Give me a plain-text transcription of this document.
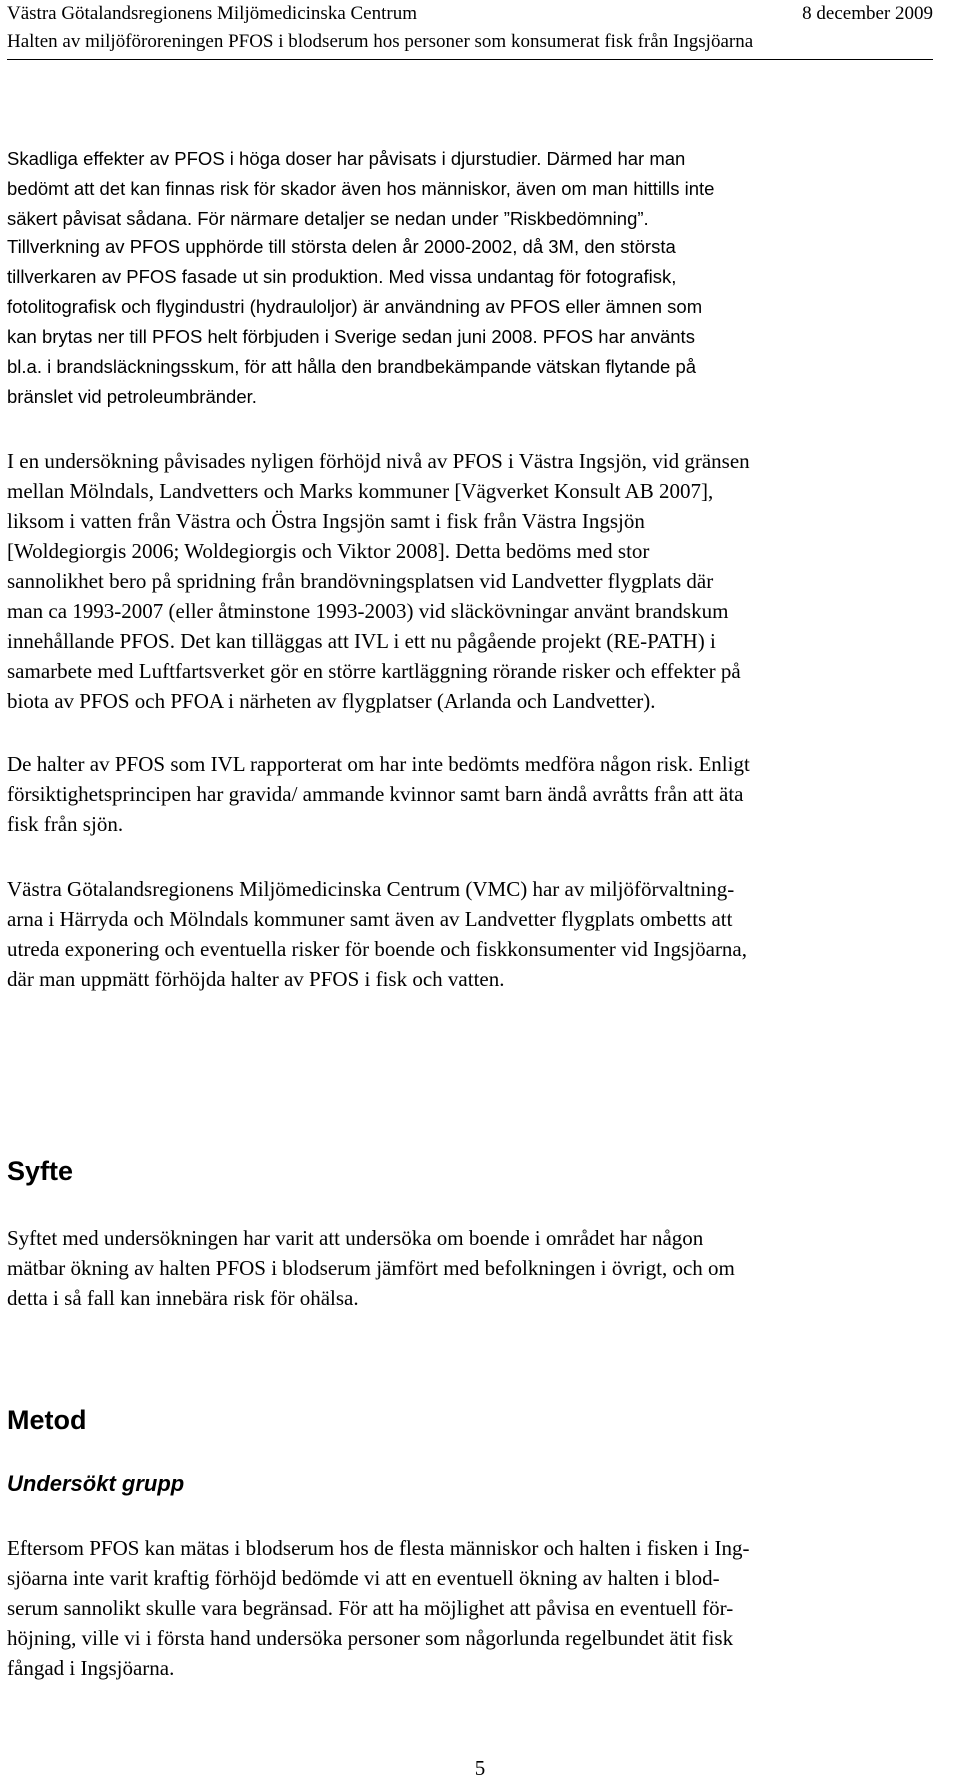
Västra Götalandsregionens Miljömedicinska Centrum	8 december 2009
Halten av miljöföroreningen PFOS i blodserum hos personer som konsumerat fisk från Ingsjöarna

Skadliga effekter av PFOS i höga doser har påvisats i djurstudier. Därmed har man
bedömt att det kan finnas risk för skador även hos människor, även om man hittills inte
säkert påvisat sådana. För närmare detaljer se nedan under ”Riskbedömning”.

Tillverkning av PFOS upphörde till största delen år 2000-2002, då 3M, den största
tillverkaren av PFOS fasade ut sin produktion. Med vissa undantag för fotografisk,
fotolitografisk och flygindustri (hydrauloljor) är användning av PFOS eller ämnen som
kan brytas ner till PFOS helt förbjuden i Sverige sedan juni 2008. PFOS har använts
bl.a. i brandsläckningsskum, för att hålla den brandbekämpande vätskan flytande på
bränslet vid petroleumbränder.

I en undersökning påvisades nyligen förhöjd nivå av PFOS i Västra Ingsjön, vid gränsen
mellan Mölndals, Landvetters och Marks kommuner [Vägverket Konsult AB 2007],
liksom i vatten från Västra och Östra Ingsjön samt i fisk från Västra Ingsjön
[Woldegiorgis 2006; Woldegiorgis och Viktor 2008]. Detta bedöms med stor
sannolikhet bero på spridning från brandövningsplatsen vid Landvetter flygplats där
man ca 1993-2007 (eller åtminstone 1993-2003) vid släckövningar använt brandskum
innehållande PFOS. Det kan tilläggas att IVL i ett nu pågående projekt (RE-PATH) i
samarbete med Luftfartsverket gör en större kartläggning rörande risker och effekter på
biota av PFOS och PFOA i närheten av flygplatser (Arlanda och Landvetter).

De halter av PFOS som IVL rapporterat om har inte bedömts medföra någon risk. Enligt
försiktighetsprincipen har gravida/ ammande kvinnor samt barn ändå avråtts från att äta
fisk från sjön.

Västra Götalandsregionens Miljömedicinska Centrum (VMC) har av miljöförvaltning-
arna i Härryda och Mölndals kommuner samt även av Landvetter flygplats ombetts att
utreda exponering och eventuella risker för boende och fiskkonsumenter vid Ingsjöarna,
där man uppmätt förhöjda halter av PFOS i fisk och vatten.

Syfte

Syftet med undersökningen har varit att undersöka om boende i området har någon
mätbar ökning av halten PFOS i blodserum jämfört med befolkningen i övrigt, och om
detta i så fall kan innebära risk för ohälsa.

Metod
Undersökt grupp

Eftersom PFOS kan mätas i blodserum hos de flesta människor och halten i fisken i Ing-
sjöarna inte varit kraftig förhöjd bedömde vi att en eventuell ökning av halten i blod-
serum sannolikt skulle vara begränsad. För att ha möjlighet att påvisa en eventuell för-
höjning, ville vi i första hand undersöka personer som någorlunda regelbundet ätit fisk
fångad i Ingsjöarna.

5
